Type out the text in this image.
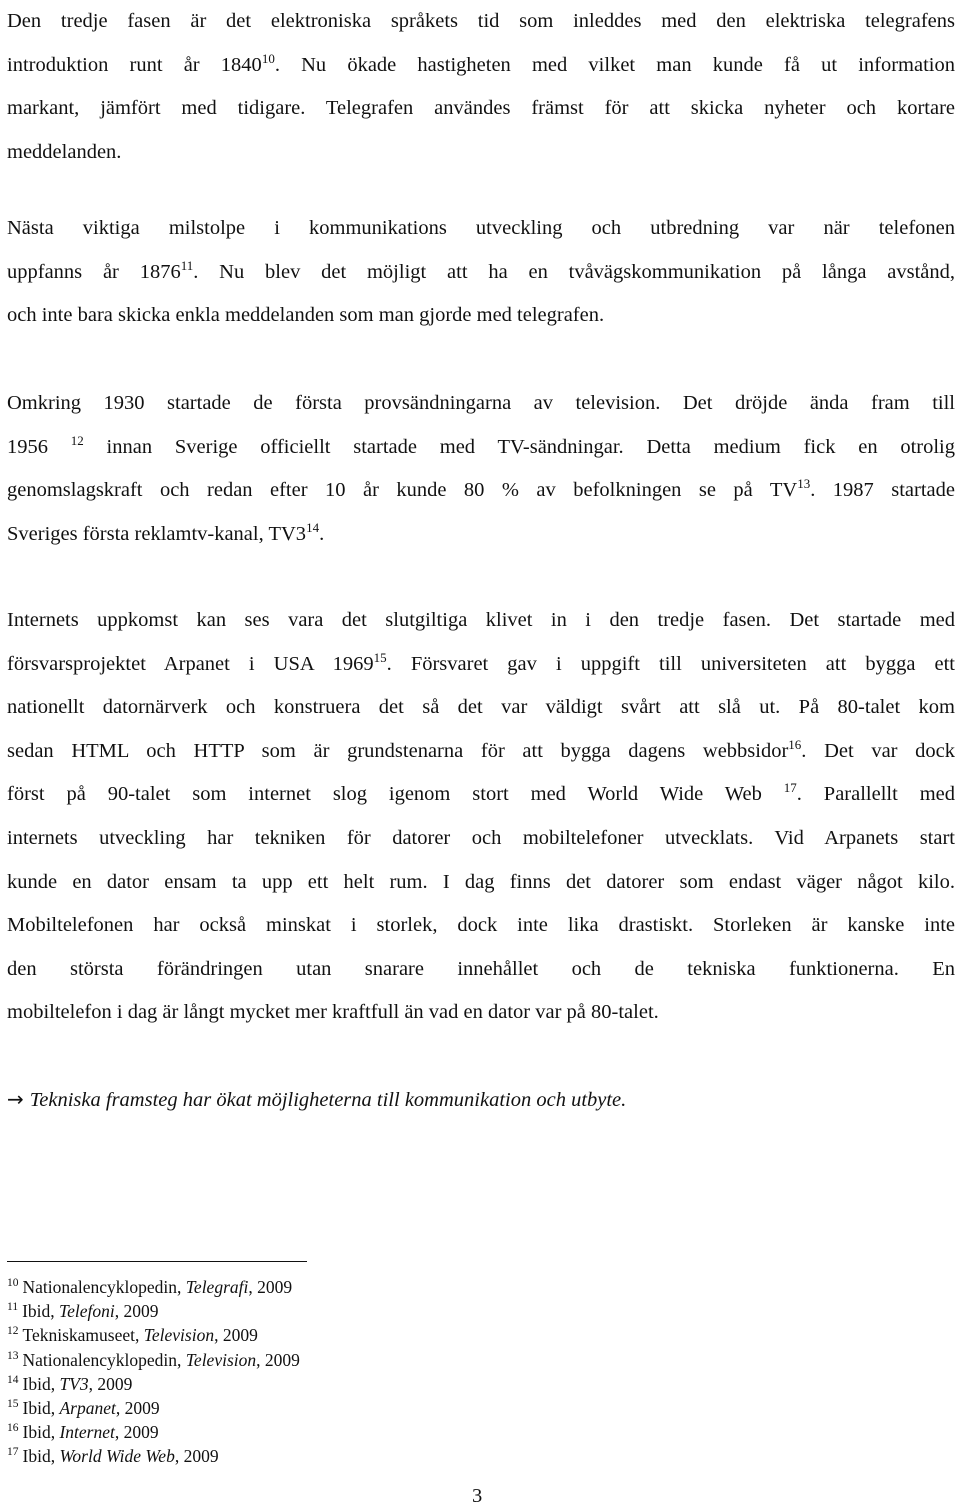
Den tredje fasen är det elektroniska språkets tid som inleddes med den elektriska telegrafens
introduktion runt år 1840$^{10}$. Nu ökade hastigheten med vilket man kunde få ut information
markant, jämfört med tidigare. Telegrafen användes främst för att skicka nyheter och kortare
meddelanden.
Nästa viktiga milstolpe i kommunikations utveckling och utbredning var när telefonen
uppfanns år 1876$^{11}$. Nu blev det möjligt att ha en tvåvägskommunikation på långa avstånd,
och inte bara skicka enkla meddelanden som man gjorde med telegrafen.
Omkring 1930 startade de första provsändningarna av television. Det dröjde ända fram till
1956 $^{12}$ innan Sverige officiellt startade med TV-sändningar. Detta medium fick en otrolig
genomslagskraft och redan efter 10 år kunde 80 % av befolkningen se på TV$^{13}$. 1987 startade
Sveriges första reklamtv-kanal, $TV3^{14}$.
Internets uppkomst kan ses vara det slutgiltiga klivet in i den tredje fasen. Det startade med
försvarsprojektet Arpanet i USA 1969$^{15}$. Försvaret gav i uppgift till universiteten att bygga ett
nationellt datornärverk och konstruera det så det var väldigt svårt att slå ut. På 80-talet kom
sedan HTML och HTTP som är grundstenarna för att bygga dagens webbsidor$^{16}$. Det var dock
först på 90-talet som internet slog igenom stort med World Wide Web $^{17}$. Parallellt med
internets utveckling har tekniken för datorer och mobiltelefoner utvecklats. Vid Arpanets start
kunde en dator ensam ta upp ett helt rum. I dag finns det datorer som endast väger något kilo.
Mobiltelefonen har också minskat i storlek, dock inte lika drastiskt. Storleken är kanske inte
den största förändringen utan snarare innehållet och de tekniska funktionerna. En
mobiltelefon i dag är långt mycket mer kraftfull än vad en dator var på 80-talet.
→ Tekniska framsteg har ökat möjligheterna till kommunikation och utbyte.
$^{10}$ Nationalencyklopedin, Telegrafi, 2009
$^{11}$ Ibid, Telefoni, 2009
$^{12}$ Tekniskamuseet, Television, 2009
$^{13}$ Nationalencyklopedin, Television, 2009
$^{14}$ Ibid, TV3, 2009
$^{15}$ Ibid, Arpanet, 2009
$^{16}$ Ibid, Internet, 2009
$^{17}$ Ibid, World Wide Web, 2009
3
